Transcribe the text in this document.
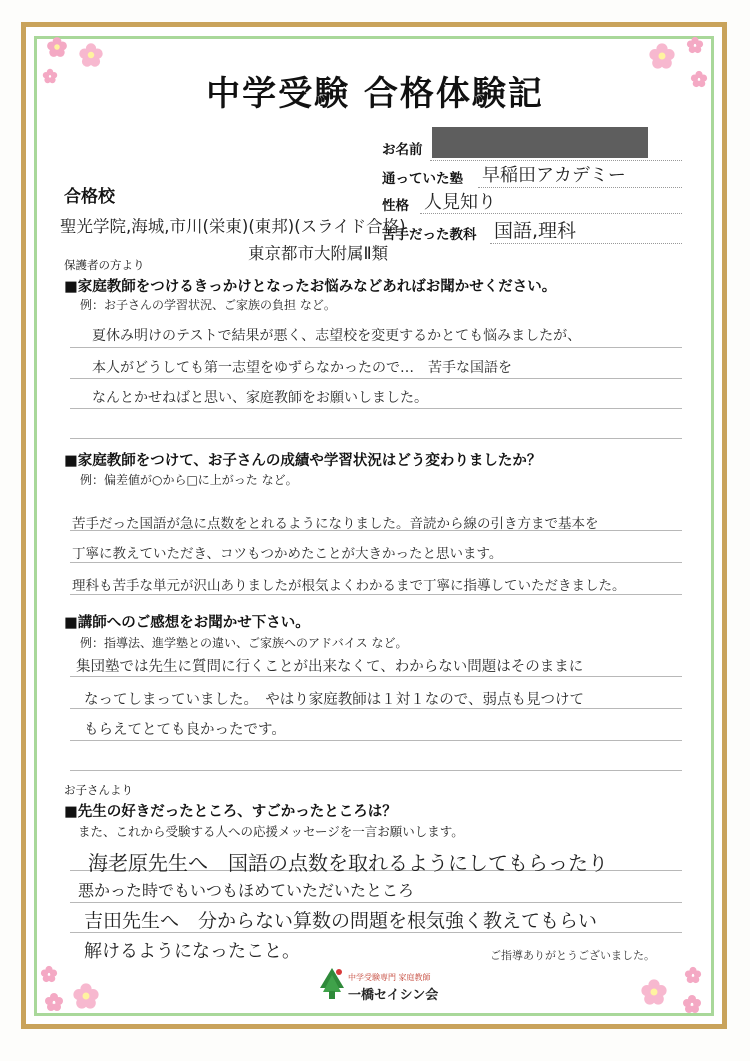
中学受験 合格体験記
お名前
通っていた塾 早稲田アカデミー
性格 人見知り
苦手だった教科 国語,理科
合格校
聖光学院,海城,市川(栄東)(東邦)(スライド合格)
東京都市大附属Ⅱ類
保護者の方より
■家庭教師をつけるきっかけとなったお悩みなどあればお聞かせください。
例：お子さんの学習状況、ご家族の負担 など。
夏休み明けのテストで結果が悪く、志望校を変更するかとても悩みましたが、
本人がどうしても第一志望をゆずらなかったので…　苦手な国語を
なんとかせねばと思い、家庭教師をお願いしました。
■家庭教師をつけて、お子さんの成績や学習状況はどう変わりましたか？
例：偏差値が○から□に上がった など。
苦手だった国語が急に点数をとれるようになりました。音読から線の引き方まで基本を
丁寧に教えていただき、コツもつかめたことが大きかったと思います。
理科も苦手な単元が沢山ありましたが根気よくわかるまで丁寧に指導していただきました。
■講師へのご感想をお聞かせ下さい。
例：指導法、進学塾との違い、ご家族へのアドバイス など。
集団塾では先生に質問に行くことが出来なくて、わからない問題はそのままに
なってしまっていました。　やはり家庭教師は１対１なので、弱点も見つけて
もらえてとても良かったです。
お子さんより
■先生の好きだったところ、すごかったところは？
また、これから受験する人への応援メッセージを一言お願いします。
海老原先生へ　国語の点数を取れるようにしてもらったり
悪かった時でもいつもほめていただいたところ
吉田先生へ　分からない算数の問題を根気強く教えてもらい
解けるようになったこと。	ご指導ありがとうございました。
中学受験専門 家庭教師
一橋セイシン会
